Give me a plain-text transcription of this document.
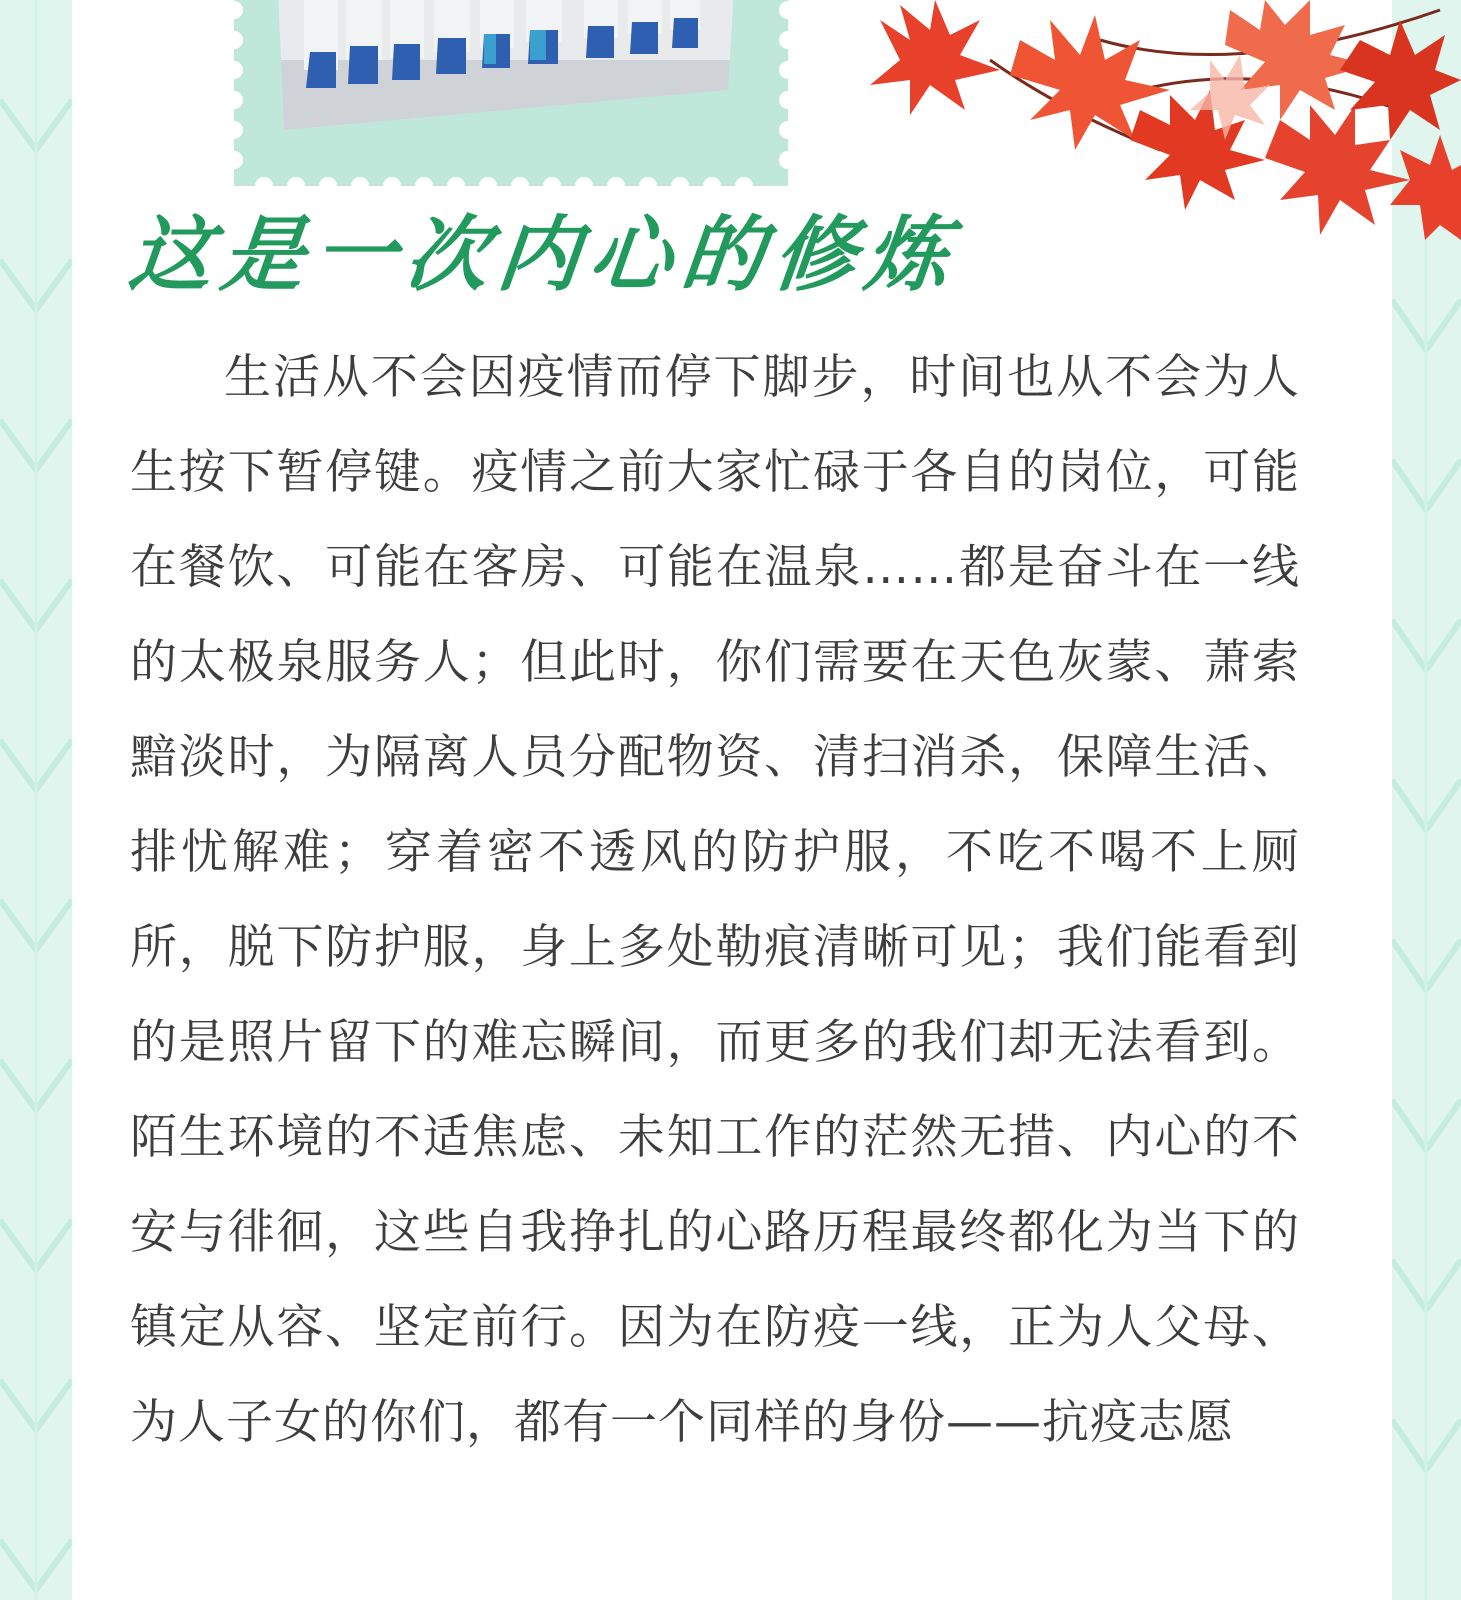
这是一次内心的修炼

生活从不会因疫情而停下脚步，时间也从不会为人生按下暂停键。疫情之前大家忙碌于各自的岗位，可能在餐饮、可能在客房、可能在温泉……都是奋斗在一线的太极泉服务人；但此时，你们需要在天色灰蒙、萧索黯淡时，为隔离人员分配物资、清扫消杀，保障生活、排忧解难；穿着密不透风的防护服，不吃不喝不上厕所，脱下防护服，身上多处勒痕清晰可见；我们能看到的是照片留下的难忘瞬间，而更多的我们却无法看到。陌生环境的不适焦虑、未知工作的茫然无措、内心的不安与徘徊，这些自我挣扎的心路历程最终都化为当下的镇定从容、坚定前行。因为在防疫一线，正为人父母、为人子女的你们，都有一个同样的身份——抗疫志愿
